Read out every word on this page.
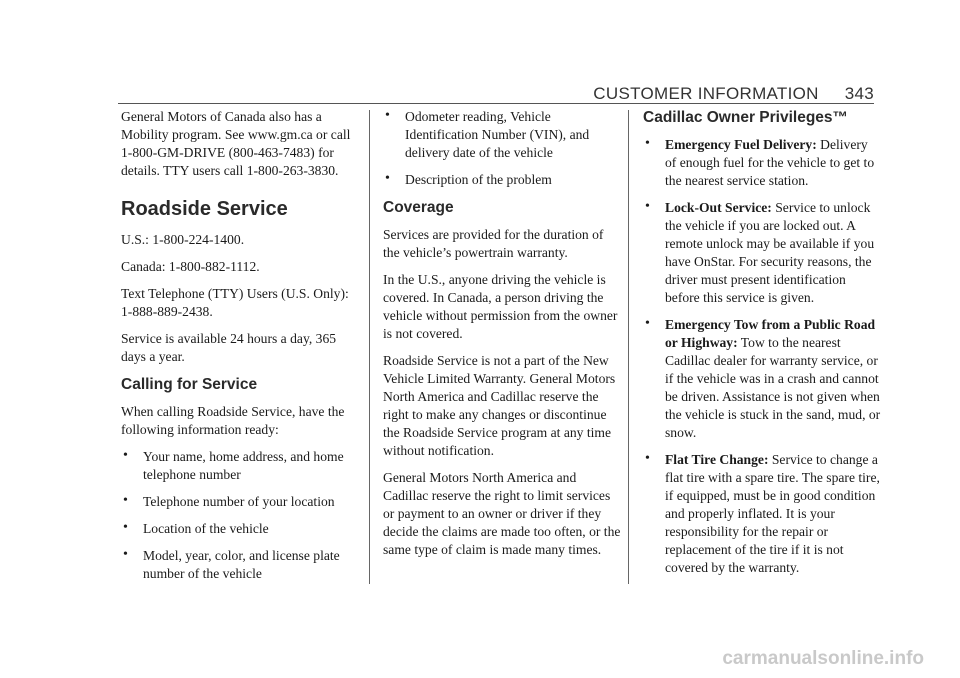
CUSTOMER INFORMATION 343

General Motors of Canada also has a Mobility program. See www.gm.ca or call 1-800-GM-DRIVE (800-463-7483) for details. TTY users call 1-800-263-3830.

Roadside Service

U.S.: 1-800-224-1400.

Canada: 1-800-882-1112.

Text Telephone (TTY) Users (U.S. Only): 1-888-889-2438.

Service is available 24 hours a day, 365 days a year.

Calling for Service

When calling Roadside Service, have the following information ready:

• Your name, home address, and home telephone number
• Telephone number of your location
• Location of the vehicle
• Model, year, color, and license plate number of the vehicle
• Odometer reading, Vehicle Identification Number (VIN), and delivery date of the vehicle
• Description of the problem
Coverage

Services are provided for the duration of the vehicle’s powertrain warranty.

In the U.S., anyone driving the vehicle is covered. In Canada, a person driving the vehicle without permission from the owner is not covered.

Roadside Service is not a part of the New Vehicle Limited Warranty. General Motors North America and Cadillac reserve the right to make any changes or discontinue the Roadside Service program at any time without notification.

General Motors North America and Cadillac reserve the right to limit services or payment to an owner or driver if they decide the claims are made too often, or the same type of claim is made many times.

Cadillac Owner Privileges™
• Emergency Fuel Delivery: Delivery of enough fuel for the vehicle to get to the nearest service station.
• Lock-Out Service: Service to unlock the vehicle if you are locked out. A remote unlock may be available if you have OnStar. For security reasons, the driver must present identification before this service is given.
• Emergency Tow from a Public Road or Highway: Tow to the nearest Cadillac dealer for warranty service, or if the vehicle was in a crash and cannot be driven. Assistance is not given when the vehicle is stuck in the sand, mud, or snow.
• Flat Tire Change: Service to change a flat tire with a spare tire. The spare tire, if equipped, must be in good condition and properly inflated. It is your responsibility for the repair or replacement of the tire if it is not covered by the warranty.
carmanualsonline.info
